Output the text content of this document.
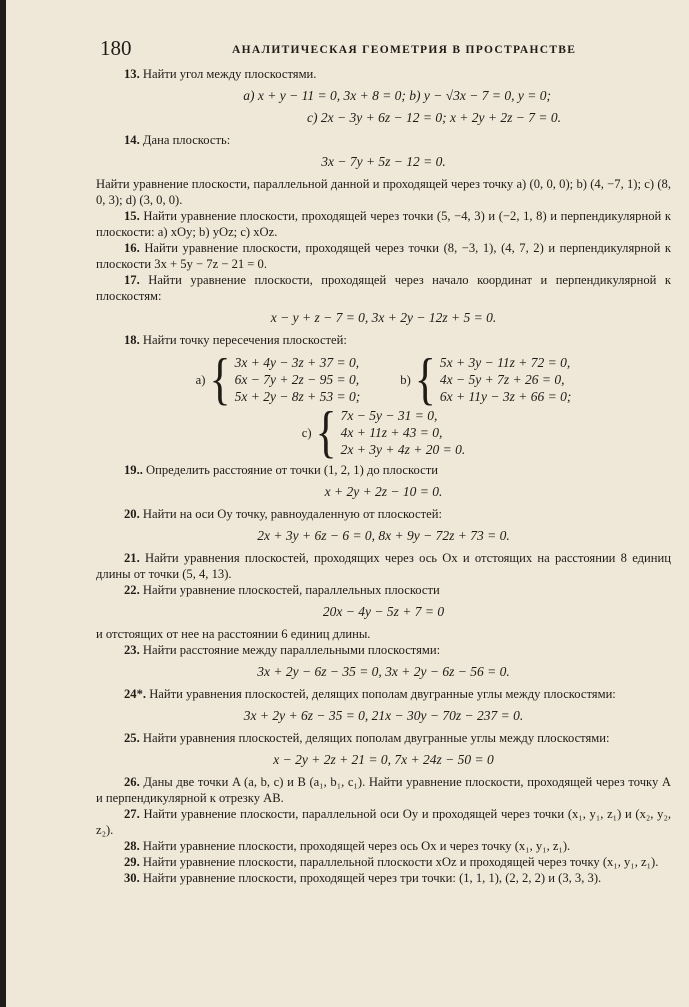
180	АНАЛИТИЧЕСКАЯ ГЕОМЕТРИЯ В ПРОСТРАНСТВЕ

13. Найти угол между плоскостями.

a) x + y − 11 = 0, 3x + 8 = 0; b) y − √3x − 7 = 0, y = 0;
c) 2x − 3y + 6z − 12 = 0; x + 2y + 2z − 7 = 0.

14. Дана плоскость:

3x − 7y + 5z − 12 = 0.

Найти уравнение плоскости, параллельной данной и проходящей через точку a) (0, 0, 0); b) (4, −7, 1); c) (8, 0, 3); d) (3, 0, 0).

15. Найти уравнение плоскости, проходящей через точки (5, −4, 3) и (−2, 1, 8) и перпендикулярной к плоскости: a) xOy; b) yOz; c) xOz.

16. Найти уравнение плоскости, проходящей через точки (8, −3, 1), (4, 7, 2) и перпендикулярной к плоскости 3x + 5y − 7z − 21 = 0.

17. Найти уравнение плоскости, проходящей через начало координат и перпендикулярной к плоскостям:

x − y + z − 7 = 0, 3x + 2y − 12z + 5 = 0.

18. Найти точку пересечения плоскостей:

a) { 3x + 4y − 3z + 37 = 0,
6x − 7y + 2z − 95 = 0,
5x + 2y − 8z + 53 = 0;
b) { 5x + 3y − 11z + 72 = 0,
4x − 5y + 7z + 26 = 0,
6x + 11y − 3z + 66 = 0;
c) { 7x − 5y − 31 = 0,
4x + 11z + 43 = 0,
2x + 3y + 4z + 20 = 0.

19.. Определить расстояние от точки (1, 2, 1) до плоскости

x + 2y + 2z − 10 = 0.

20. Найти на оси Oy точку, равноудаленную от плоскостей:

2x + 3y + 6z − 6 = 0, 8x + 9y − 72z + 73 = 0.

21. Найти уравнения плоскостей, проходящих через ось Ox и отстоящих на расстоянии 8 единиц длины от точки (5, 4, 13).

22. Найти уравнение плоскостей, параллельных плоскости

20x − 4y − 5z + 7 = 0

и отстоящих от нее на расстоянии 6 единиц длины.

23. Найти расстояние между параллельными плоскостями:

3x + 2y − 6z − 35 = 0, 3x + 2y − 6z − 56 = 0.

24*. Найти уравнения плоскостей, делящих пополам двугранные углы между плоскостями:

3x + 2y + 6z − 35 = 0, 21x − 30y − 70z − 237 = 0.

25. Найти уравнения плоскостей, делящих пополам двугранные углы между плоскостями:

x − 2y + 2z + 21 = 0, 7x + 24z − 50 = 0

26. Даны две точки A (a, b, c) и B (a₁, b₁, c₁). Найти уравнение плоскости, проходящей через точку A и перпендикулярной к отрезку AB.

27. Найти уравнение плоскости, параллельной оси Oy и проходящей через точки (x₁, y₁, z₁) и (x₂, y₂, z₂).

28. Найти уравнение плоскости, проходящей через ось Ox и через точку (x₁, y₁, z₁).

29. Найти уравнение плоскости, параллельной плоскости xOz и проходящей через точку (x₁, y₁, z₁).

30. Найти уравнение плоскости, проходящей через три точки: (1, 1, 1), (2, 2, 2) и (3, 3, 3).
